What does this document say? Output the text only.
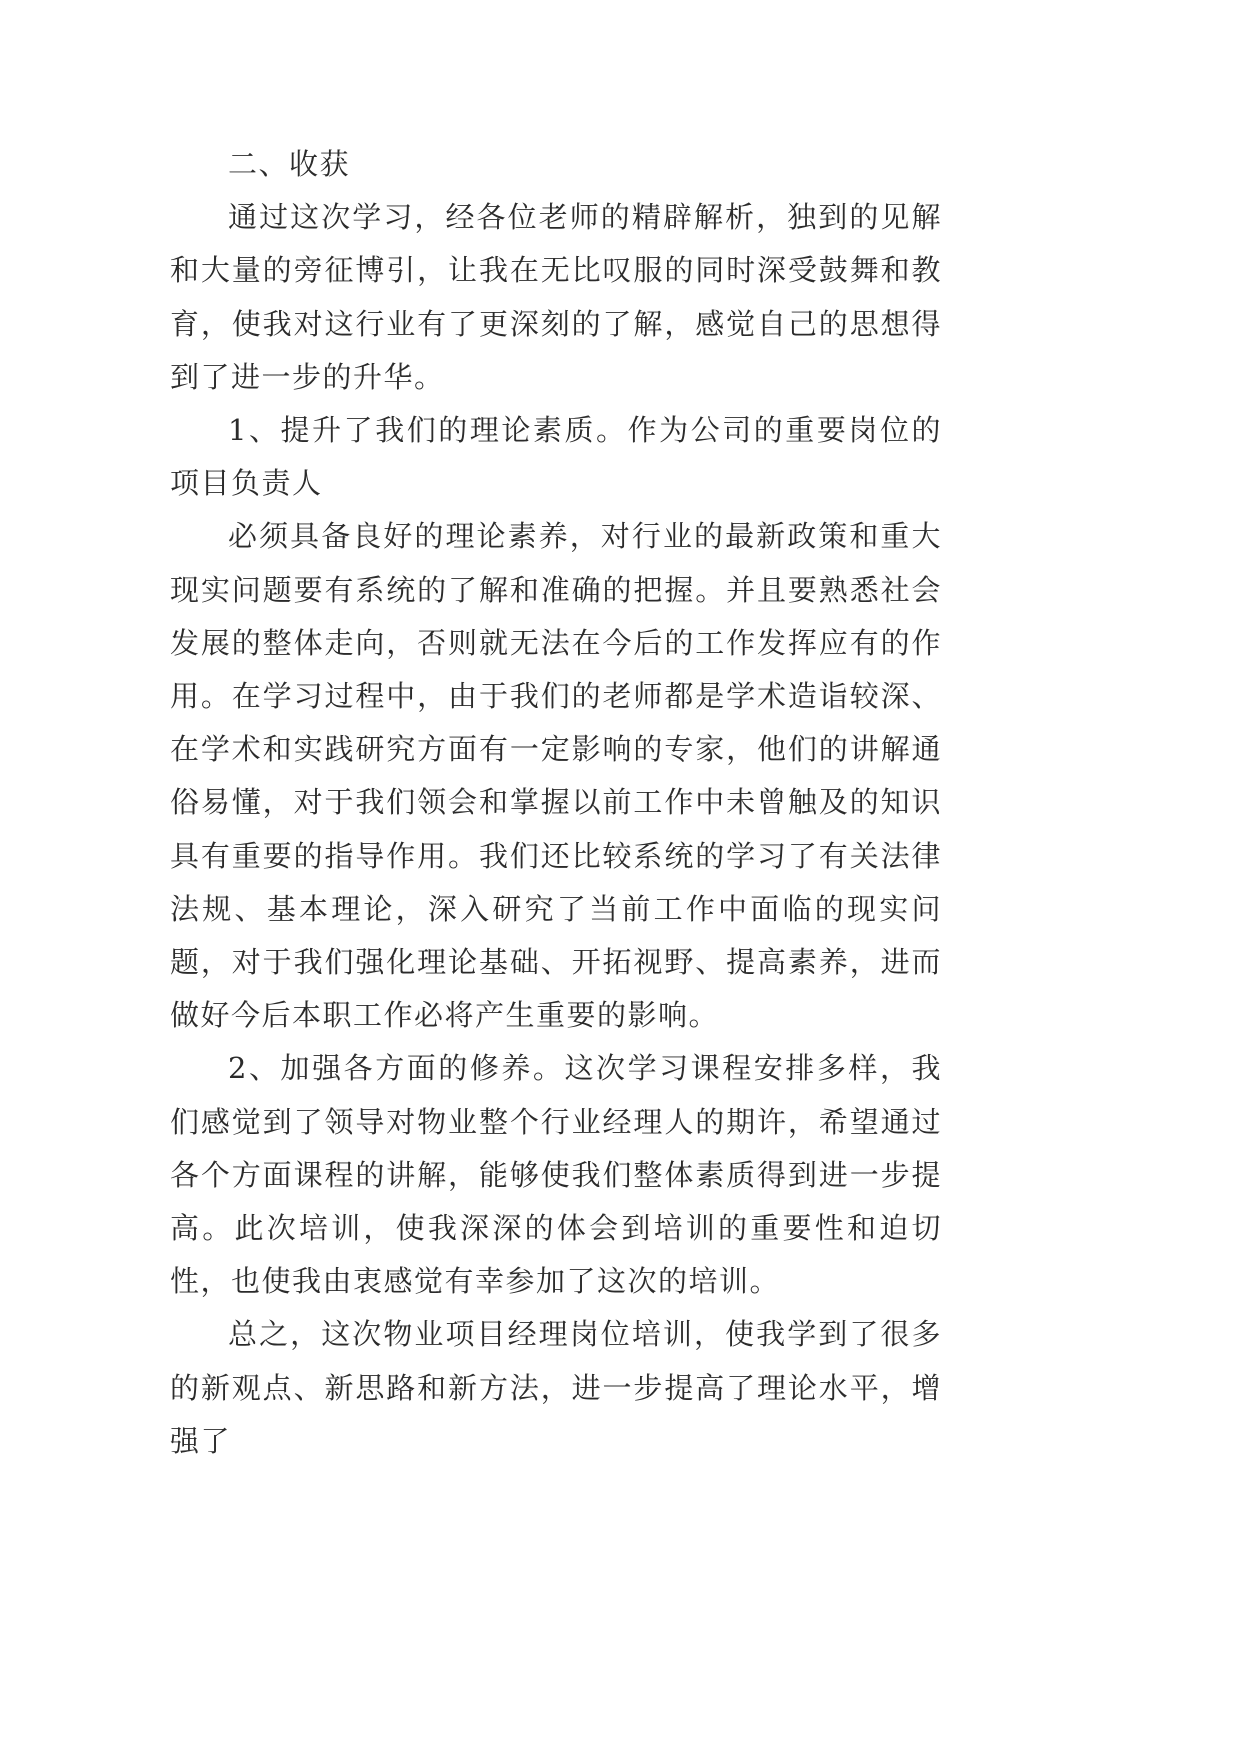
二、收获

通过这次学习，经各位老师的精辟解析，独到的见解和大量的旁征博引，让我在无比叹服的同时深受鼓舞和教育，使我对这行业有了更深刻的了解，感觉自己的思想得到了进一步的升华。

1、提升了我们的理论素质。作为公司的重要岗位的项目负责人

必须具备良好的理论素养，对行业的最新政策和重大现实问题要有系统的了解和准确的把握。并且要熟悉社会发展的整体走向，否则就无法在今后的工作发挥应有的作用。在学习过程中，由于我们的老师都是学术造诣较深、在学术和实践研究方面有一定影响的专家，他们的讲解通俗易懂，对于我们领会和掌握以前工作中未曾触及的知识具有重要的指导作用。我们还比较系统的学习了有关法律法规、基本理论，深入研究了当前工作中面临的现实问题，对于我们强化理论基础、开拓视野、提高素养，进而做好今后本职工作必将产生重要的影响。

2、加强各方面的修养。这次学习课程安排多样，我们感觉到了领导对物业整个行业经理人的期许，希望通过各个方面课程的讲解，能够使我们整体素质得到进一步提高。此次培训，使我深深的体会到培训的重要性和迫切性，也使我由衷感觉有幸参加了这次的培训。

总之，这次物业项目经理岗位培训，使我学到了很多的新观点、新思路和新方法，进一步提高了理论水平，增强了
